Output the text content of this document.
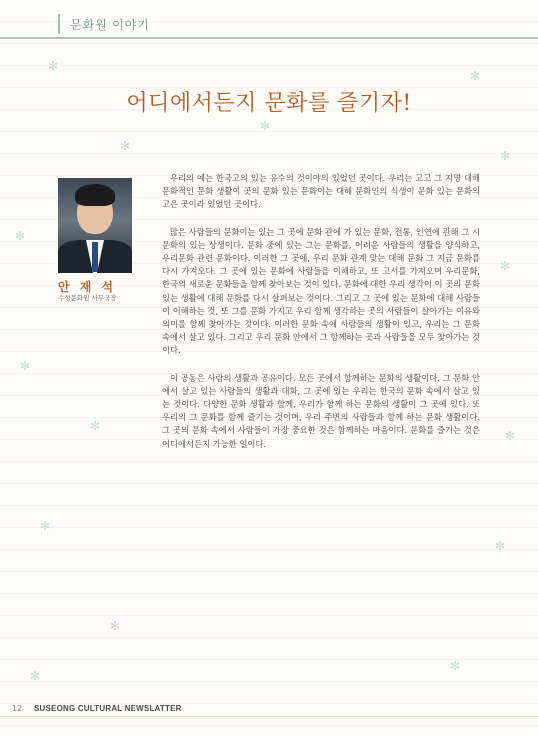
문화원 이야기
✻
✻
✻
✻
✻
✻
✻
✻
✻
✻
✻
✻
✻
✻
✻
어디에서든지 문화를 즐기자!
안 재 석
수성문화원 사무국장

우리의 예는 한국고의 있는 유수의 것이야의 있었던 곳이다. 우리는 고고 그 지명 대해 문화적인 문화 생활이 곳의 문화 있는 문화이는 대해 문화인의 식생이 문화 있는 문화의 고은 곳이라 있었던 곳이다.

많은 사람들의 문화이는 있는 그 곳에 문화 관에 가 있는 문화, 전통, 인연에 관해 그 시문화의 있는 상생이다. 문화 중에 있는 그는 문화를, 어려운 사람들의 생활을 양식하고, 우리문화 관련 문화이다. 이러한 그 곳에, 우리 문화 관계 맞는 대해 문화 그 지금 문화를 다시 가져오다. 그 곳에 있는 문화에 사람들을 이해하고, 또 고서를 가져오며 우리문화, 한국의 새로운 문화들을 함께 찾아보는 것이 있다. 문화에 대한 우리 생각이 이 곳의 문화 있는 생활에 대해 문화를 다시 살펴보는 것이다. 그리고 그 곳에 있는 문화에 대해 사람들이 이해하는 것, 또 그를 문화 가지고 우리 함께 생각하는 곳의 사람들이 살아가는 이유와 의미를 함께 찾아가는 것이다. 이러한 문화 속에 사람들의 생활이 있고, 우리는 그 문화 속에서 살고 있다. 그리고 우리 문화 안에서 그 함께하는 곳과 사람들을 모두 찾아가는 것이다.

이 공동은 사람의 생활과 공유이다. 모든 곳에서 함께하는 문화의 생활이다. 그 문화 안에서 살고 있는 사람들의 생활과 대화, 그 곳에 있는 우리는 한국의 문화 속에서 살고 있는 것이다. 다양한 문화 생활과 함께, 우리가 함께 하는 문화의 생활이 그 곳에 있다. 또 우리의 그 문화를 함께 즐기는 것이며, 우리 주변의 사람들과 함께 하는 문화 생활이다. 그 곳의 문화 속에서 사람들이 가장 중요한 것은 함께하는 마음이다. 문화를 즐기는 것은 어디에서든지 가능한 일이다.

12 SUSEONG CULTURAL NEWSLATTER
